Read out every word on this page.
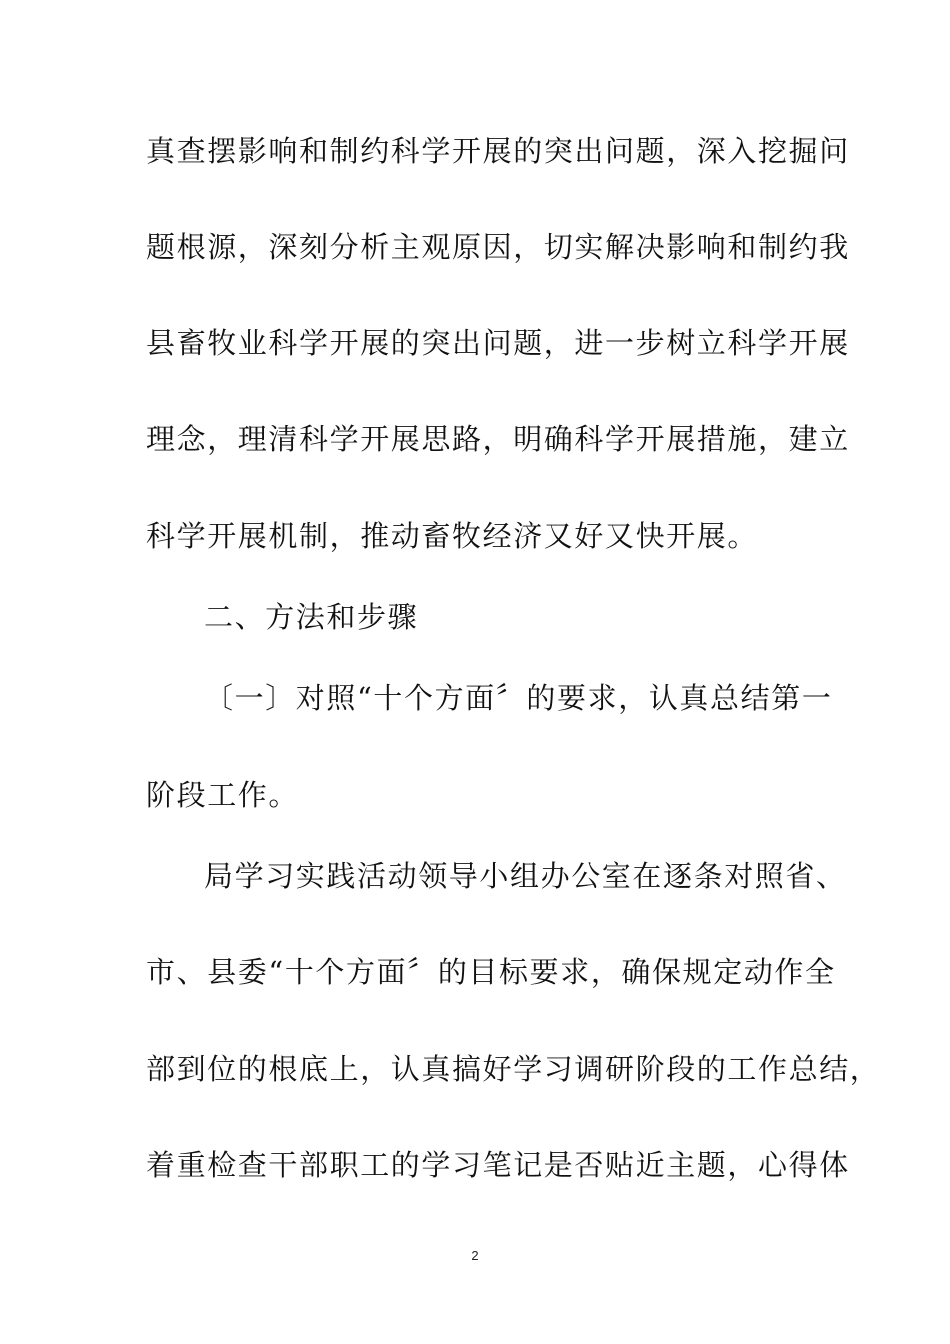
真查摆影响和制约科学开展的突出问题，深入挖掘问
题根源，深刻分析主观原因，切实解决影响和制约我
县畜牧业科学开展的突出问题，进一步树立科学开展
理念，理清科学开展思路，明确科学开展措施，建立
科学开展机制，推动畜牧经济又好又快开展。
二、方法和步骤
〔一〕对照“十个方面〞的要求，认真总结第一
阶段工作。
局学习实践活动领导小组办公室在逐条对照省、
市、县委“十个方面〞的目标要求，确保规定动作全
部到位的根底上，认真搞好学习调研阶段的工作总结，
着重检查干部职工的学习笔记是否贴近主题，心得体
2
